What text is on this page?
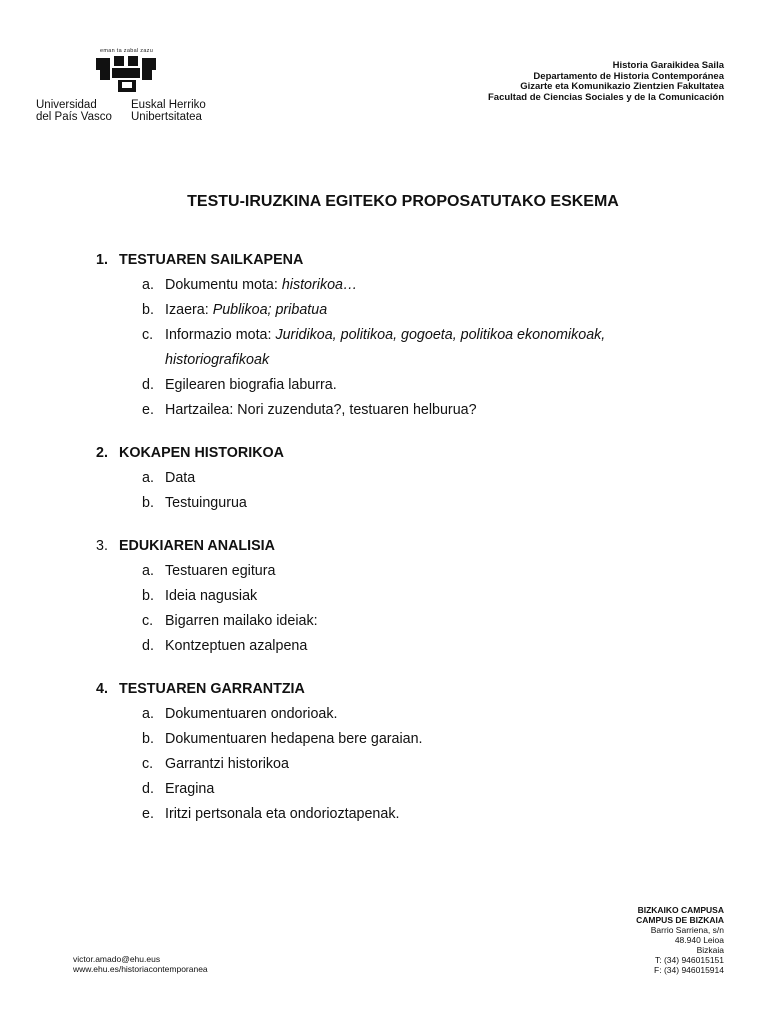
eman ta zabal zazu
Universidad
del País Vasco
Euskal Herriko
Unibertsitatea
Historia Garaikidea Saila
Departamento de Historia Contemporánea
Gizarte eta Komunikazio Zientzien Fakultatea
Facultad de Ciencias Sociales y de la Comunicación
TESTU-IRUZKINA EGITEKO PROPOSATUTAKO ESKEMA
1. TESTUAREN SAILKAPENA
a. Dokumentu mota: historikoa…
b. Izaera: Publikoa; pribatua
c. Informazio mota: Juridikoa, politikoa, gogoeta, politikoa ekonomikoak,
historiografikoak
d. Egilearen biografia laburra.
e. Hartzailea: Nori zuzenduta?, testuaren helburua?
2. KOKAPEN HISTORIKOA
a. Data
b. Testuingurua
3. EDUKIAREN ANALISIA
a. Testuaren egitura
b. Ideia nagusiak
c. Bigarren mailako ideiak:
d. Kontzeptuen azalpena
4. TESTUAREN GARRANTZIA
a. Dokumentuaren ondorioak.
b. Dokumentuaren hedapena bere garaian.
c. Garrantzi historikoa
d. Eragina
e. Iritzi pertsonala eta ondorioztapenak.
victor.amado@ehu.eus
www.ehu.es/historiacontemporanea
BIZKAIKO CAMPUSA
CAMPUS DE BIZKAIA
Barrio Sarriena, s/n
48.940 Leioa
Bizkaia
T: (34) 946015151
F: (34) 946015914
